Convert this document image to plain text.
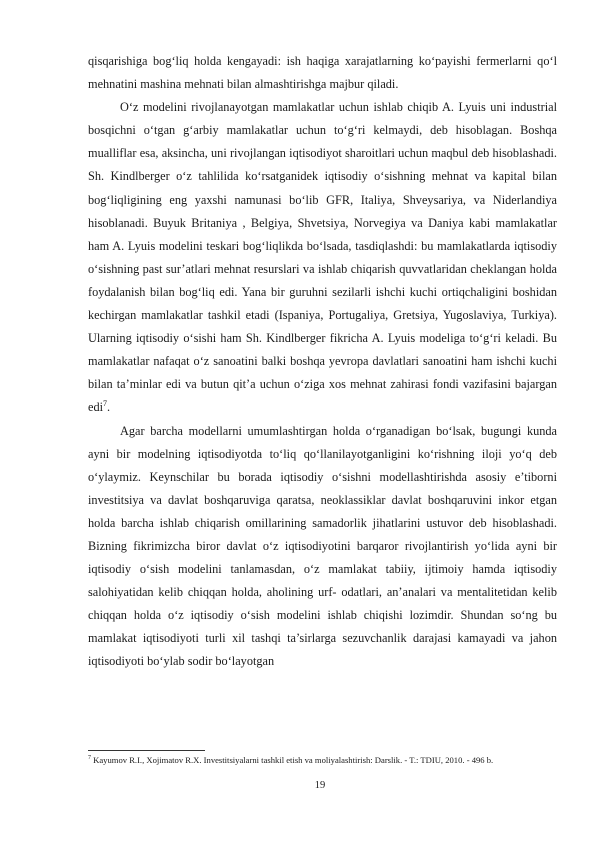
qisqarishiga bog‘liq holda kengayadi: ish haqiga xarajatlarning ko‘payishi fermerlarni qo‘l mehnatini mashina mehnati bilan almashtirishga majbur qiladi.

O‘z modelini rivojlanayotgan mamlakatlar uchun ishlab chiqib A. Lyuis uni industrial bosqichni o‘tgan g‘arbiy mamlakatlar uchun to‘g‘ri kelmaydi, deb hisoblagan. Boshqa mualliflar esa, aksincha, uni rivojlangan iqtisodiyot sharoitlari uchun maqbul deb hisoblashadi. Sh. Kindlberger o‘z tahlilida ko‘rsatganidek iqtisodiy o‘sishning mehnat va kapital bilan bog‘liqligining eng yaxshi namunasi bo‘lib GFR, Italiya, Shveysariya, va Niderlandiya hisoblanadi. Buyuk Britaniya , Belgiya, Shvetsiya, Norvegiya va Daniya kabi mamlakatlar ham A. Lyuis modelini teskari bog‘liqlikda bo‘lsada, tasdiqlashdi: bu mamlakatlarda iqtisodiy o‘sishning past sur’atlari mehnat resurslari va ishlab chiqarish quvvatlaridan cheklangan holda foydalanish bilan bog‘liq edi. Yana bir guruhni sezilarli ishchi kuchi ortiqchaligini boshidan kechirgan mamlakatlar tashkil etadi (Ispaniya, Portugaliya, Gretsiya, Yugoslaviya, Turkiya). Ularning iqtisodiy o‘sishi ham Sh. Kindlberger fikricha A. Lyuis modeliga to‘g‘ri keladi. Bu mamlakatlar nafaqat o‘z sanoatini balki boshqa yevropa davlatlari sanoatini ham ishchi kuchi bilan ta’minlar edi va butun qit’a uchun o‘ziga xos mehnat zahirasi fondi vazifasini bajargan edi$^7$.

Agar barcha modellarni umumlashtirgan holda o‘rganadigan bo‘lsak, bugungi kunda ayni bir modelning iqtisodiyotda to‘liq qo‘llanilayotganligini ko‘rishning iloji yo‘q deb o‘ylaymiz. Keynschilar bu borada iqtisodiy o‘sishni modellashtirishda asosiy e’tiborni investitsiya va davlat boshqaruviga qaratsa, neoklassiklar davlat boshqaruvini inkor etgan holda barcha ishlab chiqarish omillarining samadorlik jihatlarini ustuvor deb hisoblashadi. Bizning fikrimizcha biror davlat o‘z iqtisodiyotini barqaror rivojlantirish yo‘lida ayni bir iqtisodiy o‘sish modelini tanlamasdan, o‘z mamlakat tabiiy, ijtimoiy hamda iqtisodiy salohiyatidan kelib chiqqan holda, aholining urf- odatlari, an’analari va mentalitetidan kelib chiqqan holda o‘z iqtisodiy o‘sish modelini ishlab chiqishi lozimdir. Shundan so‘ng bu mamlakat iqtisodiyoti turli xil tashqi ta’sirlarga sezuvchanlik darajasi kamayadi va jahon iqtisodiyoti bo‘ylab sodir bo‘layotgan

$^7$ Kayumov R.I., Xojimatov R.X. Investitsiyalarni tashkil etish va moliyalashtirish: Darslik. - T.: TDIU, 2010. - 496 b.
19
